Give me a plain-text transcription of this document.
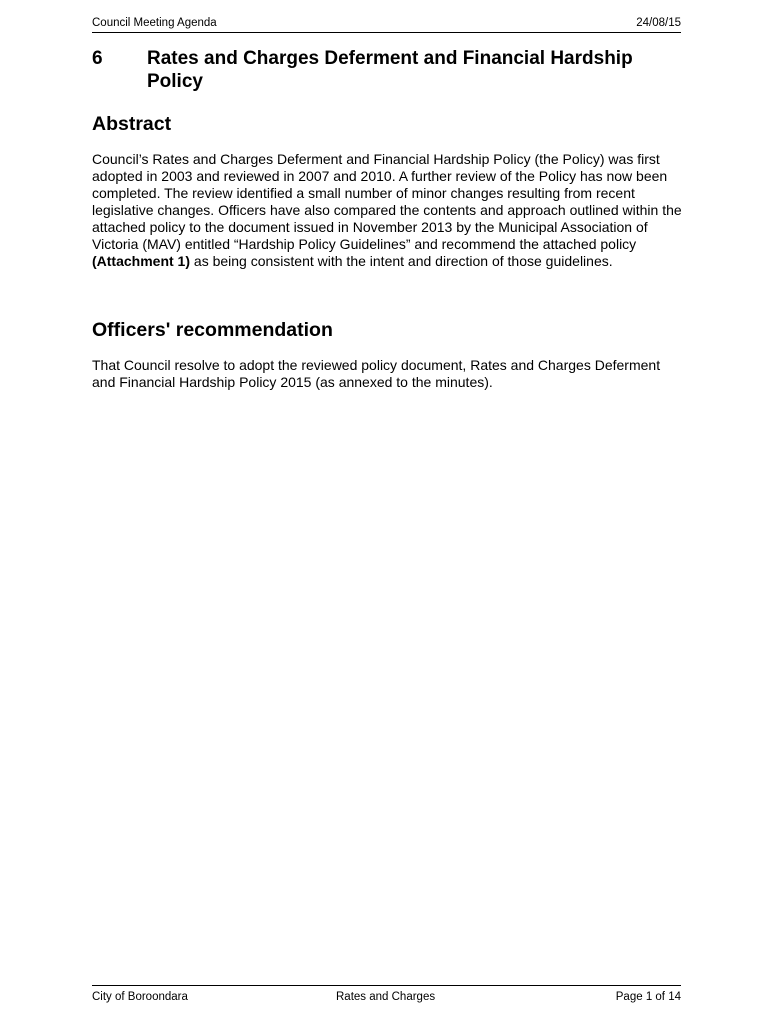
Council Meeting Agenda	24/08/15
6 Rates and Charges Deferment and Financial Hardship Policy
Abstract
Council’s Rates and Charges Deferment and Financial Hardship Policy (the Policy) was first adopted in 2003 and reviewed in 2007 and 2010. A further review of the Policy has now been completed. The review identified a small number of minor changes resulting from recent legislative changes. Officers have also compared the contents and approach outlined within the attached policy to the document issued in November 2013 by the Municipal Association of Victoria (MAV) entitled “Hardship Policy Guidelines” and recommend the attached policy (Attachment 1) as being consistent with the intent and direction of those guidelines.
Officers' recommendation
That Council resolve to adopt the reviewed policy document, Rates and Charges Deferment and Financial Hardship Policy 2015 (as annexed to the minutes).
City of Boroondara	Rates and Charges	Page 1 of 14
